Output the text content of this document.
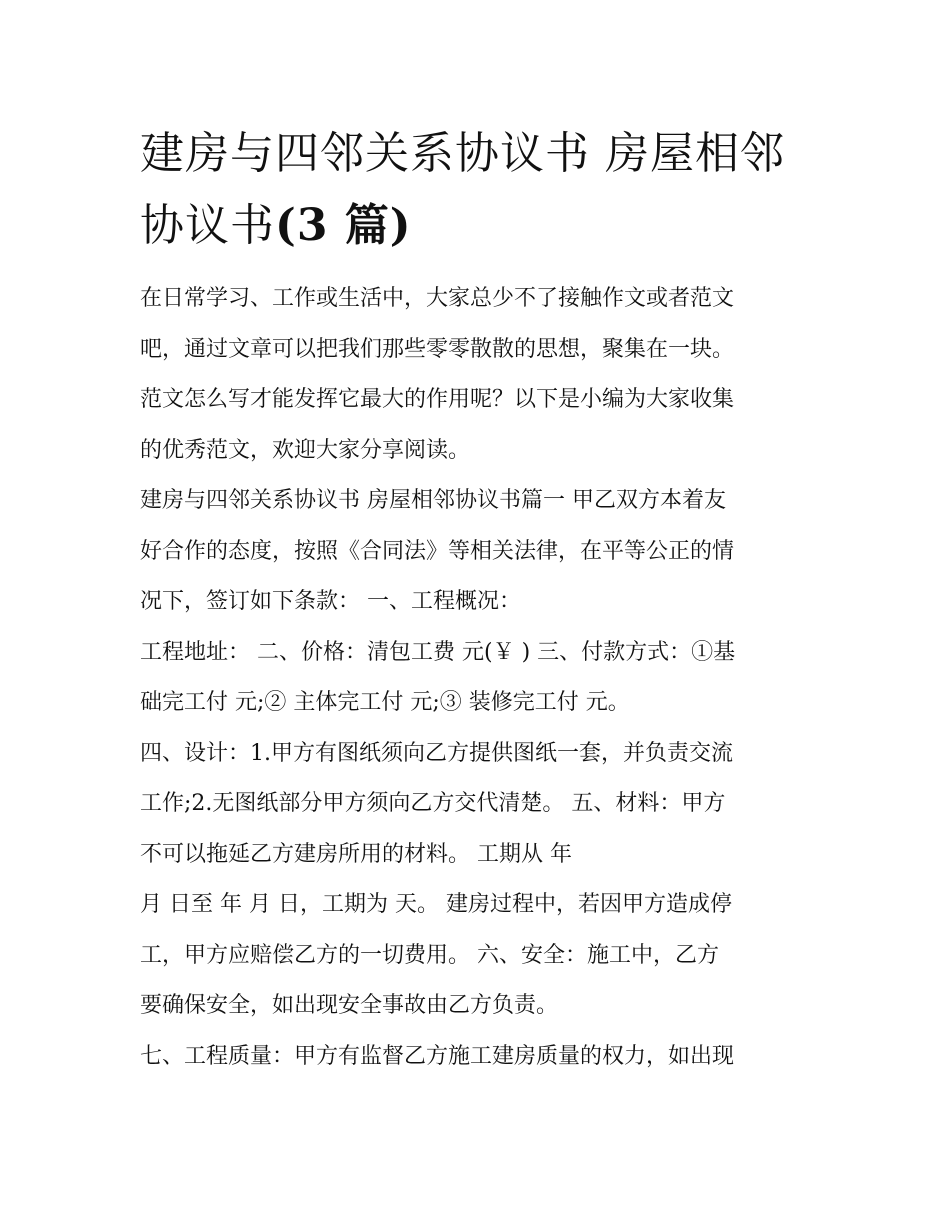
建房与四邻关系协议书 房屋相邻协议书(3 篇)

在日常学习、工作或生活中，大家总少不了接触作文或者范文
吧，通过文章可以把我们那些零零散散的思想，聚集在一块。
范文怎么写才能发挥它最大的作用呢？以下是小编为大家收集
的优秀范文，欢迎大家分享阅读。

建房与四邻关系协议书 房屋相邻协议书篇一 甲乙双方本着友
好合作的态度，按照《合同法》等相关法律，在平等公正的情
况下，签订如下条款： 一、工程概况：

工程地址： 二、价格：清包工费 元(￥ ) 三、付款方式：①基
础完工付 元;② 主体完工付 元;③ 装修完工付 元。

四、设计：1.甲方有图纸须向乙方提供图纸一套，并负责交流
工作;2.无图纸部分甲方须向乙方交代清楚。 五、材料：甲方
不可以拖延乙方建房所用的材料。 工期从 年

月 日至 年 月 日，工期为 天。 建房过程中，若因甲方造成停
工，甲方应赔偿乙方的一切费用。 六、安全：施工中，乙方
要确保安全，如出现安全事故由乙方负责。

七、工程质量：甲方有监督乙方施工建房质量的权力，如出现
